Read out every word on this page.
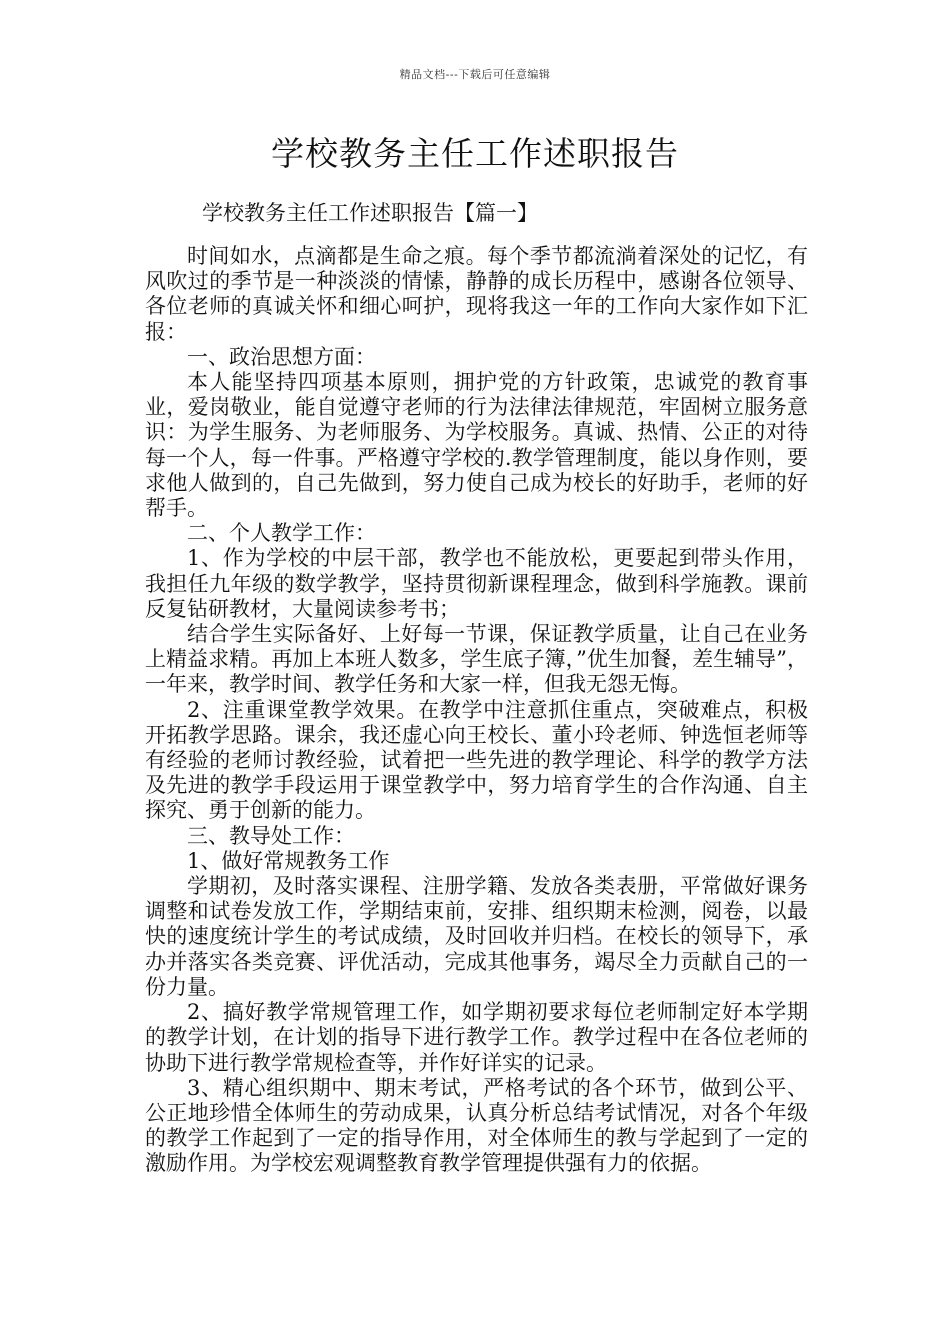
精品文档---下载后可任意编辑
学校教务主任工作述职报告
学校教务主任工作述职报告【篇一】

时间如水，点滴都是生命之痕。每个季节都流淌着深处的记忆，有风吹过的季节是一种淡淡的情愫，静静的成长历程中，感谢各位领导、各位老师的真诚关怀和细心呵护，现将我这一年的工作向大家作如下汇报：

一、政治思想方面：

本人能坚持四项基本原则，拥护党的方针政策，忠诚党的教育事业，爱岗敬业，能自觉遵守老师的行为法律法律规范，牢固树立服务意识：为学生服务、为老师服务、为学校服务。真诚、热情、公正的对待每一个人，每一件事。严格遵守学校的.教学管理制度，能以身作则，要求他人做到的，自己先做到，努力使自己成为校长的好助手，老师的好帮手。

二、个人教学工作：

1、作为学校的中层干部，教学也不能放松，更要起到带头作用，我担任九年级的数学教学，坚持贯彻新课程理念，做到科学施教。课前反复钻研教材，大量阅读参考书；

结合学生实际备好、上好每一节课，保证教学质量，让自己在业务上精益求精。再加上本班人数多，学生底子簿，”优生加餐，差生辅导”，一年来，教学时间、教学任务和大家一样，但我无怨无悔。

2、注重课堂教学效果。在教学中注意抓住重点，突破难点，积极开拓教学思路。课余，我还虚心向王校长、董小玲老师、钟选恒老师等有经验的老师讨教经验，试着把一些先进的教学理论、科学的教学方法及先进的教学手段运用于课堂教学中，努力培育学生的合作沟通、自主探究、勇于创新的能力。

三、教导处工作：

1、做好常规教务工作

学期初，及时落实课程、注册学籍、发放各类表册，平常做好课务调整和试卷发放工作，学期结束前，安排、组织期末检测，阅卷，以最快的速度统计学生的考试成绩，及时回收并归档。在校长的领导下，承办并落实各类竞赛、评优活动，完成其他事务，竭尽全力贡献自己的一份力量。

2、搞好教学常规管理工作，如学期初要求每位老师制定好本学期的教学计划，在计划的指导下进行教学工作。教学过程中在各位老师的协助下进行教学常规检查等，并作好详实的记录。

3、精心组织期中、期末考试，严格考试的各个环节，做到公平、公正地珍惜全体师生的劳动成果，认真分析总结考试情况，对各个年级的教学工作起到了一定的指导作用，对全体师生的教与学起到了一定的激励作用。为学校宏观调整教育教学管理提供强有力的依据。
